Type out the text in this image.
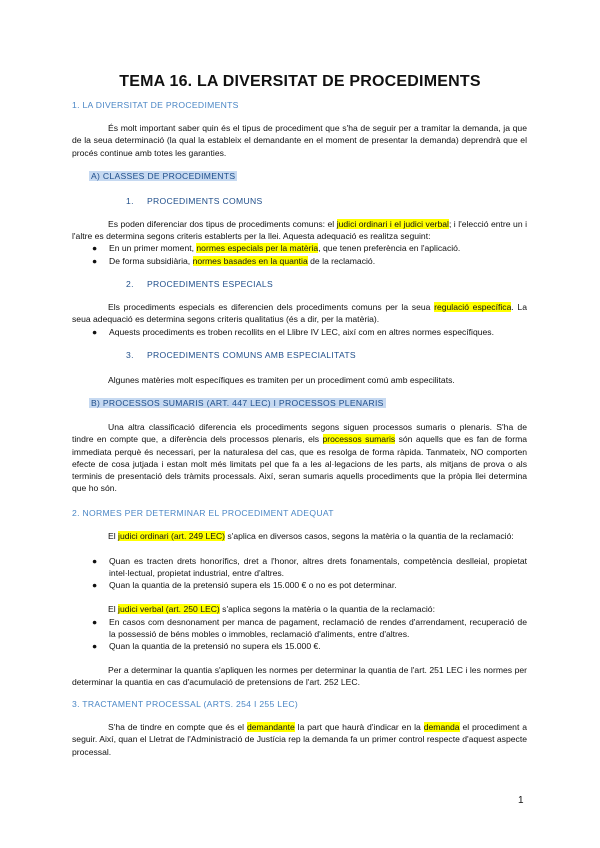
TEMA 16. LA DIVERSITAT DE PROCEDIMENTS
1. LA DIVERSITAT DE PROCEDIMENTS
És molt important saber quin és el tipus de procediment que s'ha de seguir per a tramitar la demanda, ja que de la seua determinació (la qual la estableix el demandante en el moment de presentar la demanda) deprendrà que el procés continue amb totes les garanties.
A) CLASSES DE PROCEDIMENTS
1. PROCEDIMENTS COMUNS
Es poden diferenciar dos tipus de procediments comuns: el judici ordinari i el judici verbal; i l'elecció entre un i l'altre es determina segons criteris establerts per la llei. Aquesta adequació es realitza seguint:
● En un primer moment, normes especials per la matèria, que tenen preferència en l'aplicació.
● De forma subsidiària, normes basades en la quantia de la reclamació.
2. PROCEDIMENTS ESPECIALS
Els procediments especials es diferencien dels procediments comuns per la seua regulació específica. La seua adequació es determina segons criteris qualitatius (és a dir, per la matèria).
● Aquests procediments es troben recollits en el Llibre IV LEC, així com en altres normes específiques.
3. PROCEDIMENTS COMUNS AMB ESPECIALITATS
Algunes matèries molt específiques es tramiten per un procediment comú amb especilitats.
B) PROCESSOS SUMARIS (ART. 447 LEC) I PROCESSOS PLENARIS
Una altra classificació diferencia els procediments segons siguen processos sumaris o plenaris. S'ha de tindre en compte que, a diferència dels processos plenaris, els processos sumaris són aquells que es fan de forma immediata perquè és necessari, per la naturalesa del cas, que es resolga de forma ràpida. Tanmateix, NO comporten efecte de cosa jutjada i estan molt més limitats pel que fa a les al·legacions de les parts, als mitjans de prova o als terminis de presentació dels tràmits processals. Així, seran sumaris aquells procediments que la pròpia llei determina que ho són.
2. NORMES PER DETERMINAR EL PROCEDIMENT ADEQUAT
El judici ordinari (art. 249 LEC) s'aplica en diversos casos, segons la matèria o la quantia de la reclamació:
● Quan es tracten drets honorífics, dret a l'honor, altres drets fonamentals, competència deslleial, propietat intel·lectual, propietat industrial, entre d'altres.
● Quan la quantia de la pretensió supera els 15.000 € o no es pot determinar.
El judici verbal (art. 250 LEC) s'aplica segons la matèria o la quantia de la reclamació:
● En casos com desnonament per manca de pagament, reclamació de rendes d'arrendament, recuperació de la possessió de béns mobles o immobles, reclamació d'aliments, entre d'altres.
● Quan la quantia de la pretensió no supera els 15.000 €.
Per a determinar la quantia s'apliquen les normes per determinar la quantia de l'art. 251 LEC i les normes per determinar la quantia en cas d'acumulació de pretensions de l'art. 252 LEC.
3. TRACTAMENT PROCESSAL (ARTS. 254 I 255 LEC)
S'ha de tindre en compte que és el demandante la part que haurà d'indicar en la demanda el procediment a seguir. Així, quan el Lletrat de l'Administració de Justícia rep la demanda fa un primer control respecte d'aquest aspecte processal.
1
